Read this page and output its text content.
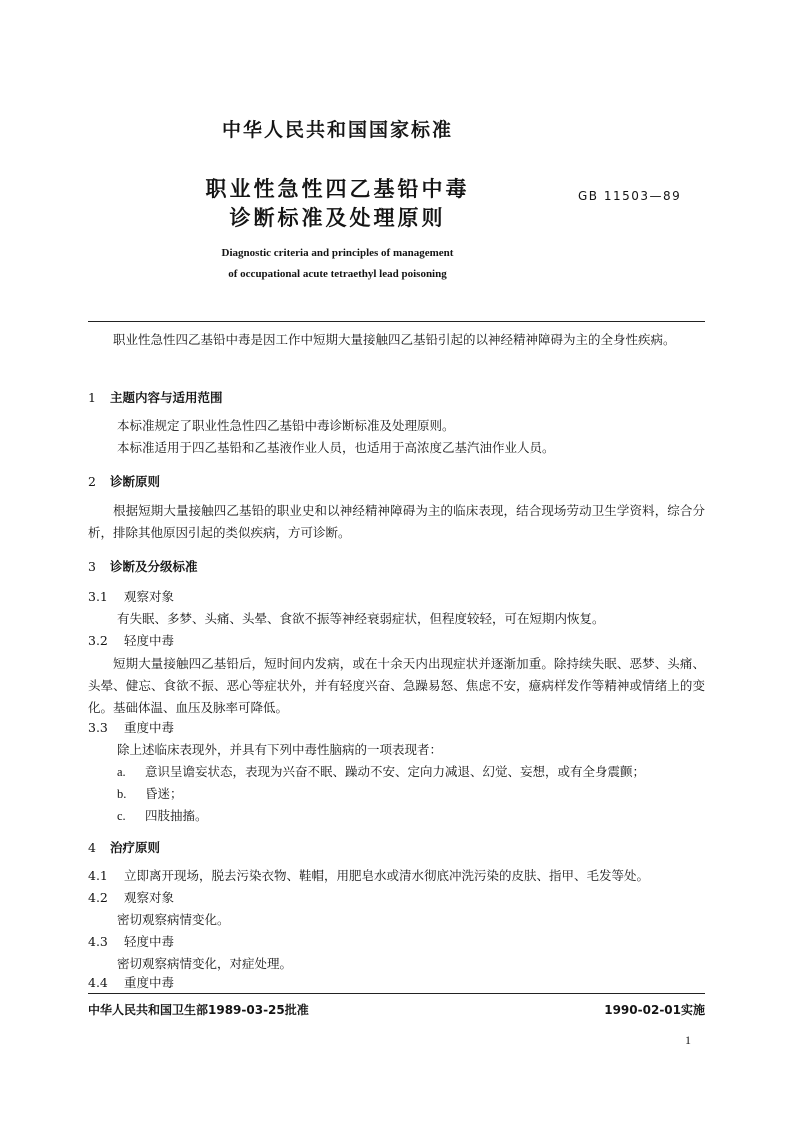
中华人民共和国国家标准
职业性急性四乙基铅中毒
诊断标准及处理原则
GB 11503—89
Diagnostic criteria and principles of management
of occupational acute tetraethyl lead poisoning
职业性急性四乙基铅中毒是因工作中短期大量接触四乙基铅引起的以神经精神障碍为主的全身性疾病。
1 主题内容与适用范围
本标准规定了职业性急性四乙基铅中毒诊断标准及处理原则。
本标准适用于四乙基铅和乙基液作业人员，也适用于高浓度乙基汽油作业人员。
2 诊断原则
根据短期大量接触四乙基铅的职业史和以神经精神障碍为主的临床表现，结合现场劳动卫生学资料，综合分析，排除其他原因引起的类似疾病，方可诊断。
3 诊断及分级标准
3.1 观察对象
有失眠、多梦、头痛、头晕、食欲不振等神经衰弱症状，但程度较轻，可在短期内恢复。
3.2 轻度中毒
短期大量接触四乙基铅后，短时间内发病，或在十余天内出现症状并逐渐加重。除持续失眠、恶梦、头痛、头晕、健忘、食欲不振、恶心等症状外，并有轻度兴奋、急躁易怒、焦虑不安，癔病样发作等精神或情绪上的变化。基础体温、血压及脉率可降低。
3.3 重度中毒
除上述临床表现外，并具有下列中毒性脑病的一项表现者：
a. 意识呈谵妄状态，表现为兴奋不眠、躁动不安、定向力减退、幻觉、妄想，或有全身震颤；
b. 昏迷；
c. 四肢抽搐。
4 治疗原则
4.1 立即离开现场，脱去污染衣物、鞋帽，用肥皂水或清水彻底冲洗污染的皮肤、指甲、毛发等处。
4.2 观察对象
密切观察病情变化。
4.3 轻度中毒
密切观察病情变化，对症处理。
4.4 重度中毒
中华人民共和国卫生部1989-03-25批准	1990-02-01实施
1
